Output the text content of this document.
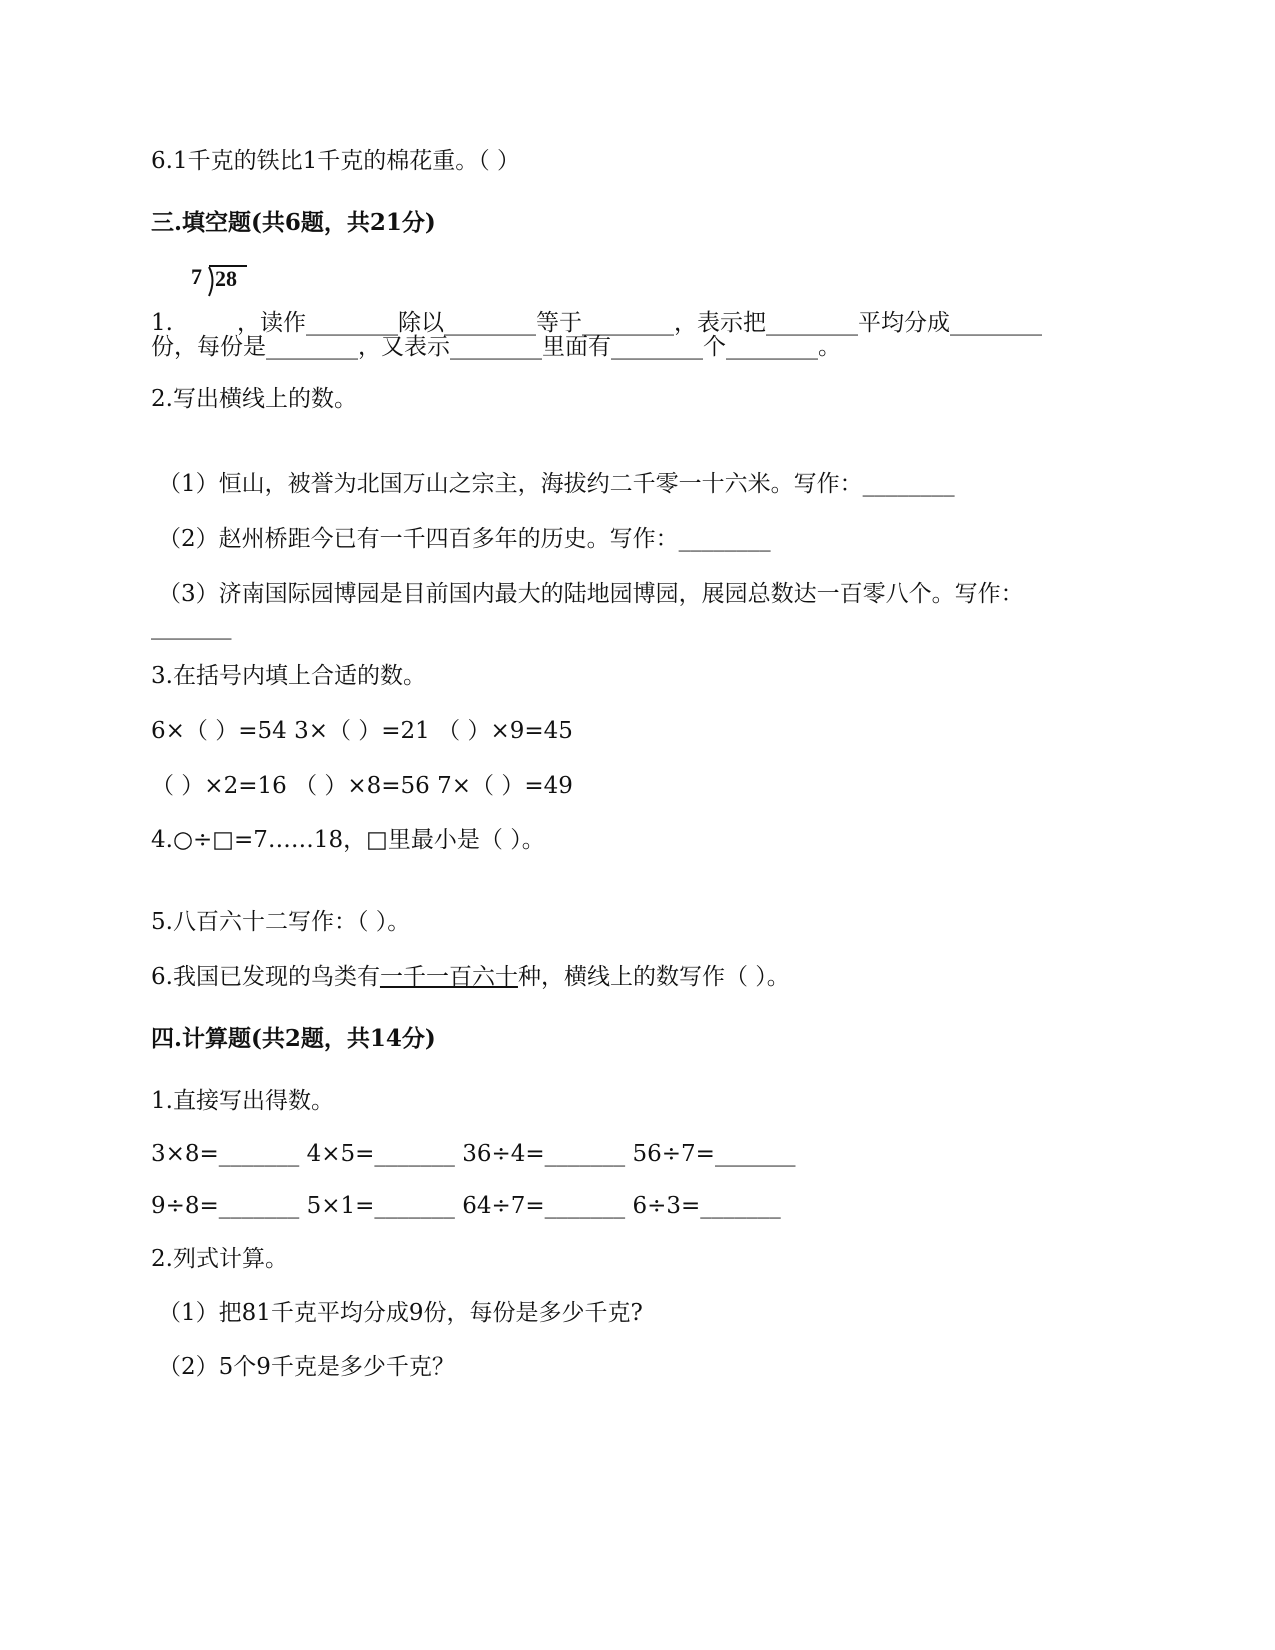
6.1千克的铁比1千克的棉花重。（ ）
三.填空题(共6题，共21分)
1.
7 28
，读作________除以________等于________，表示把________平均分成________
份，每份是________，又表示________里面有________个________。
2.写出横线上的数。
（1）恒山，被誉为北国万山之宗主，海拔约二千零一十六米。写作：________
（2）赵州桥距今已有一千四百多年的历史。写作：________
（3）济南国际园博园是目前国内最大的陆地园博园，展园总数达一百零八个。写作：
_______
3.在括号内填上合适的数。
6×（ ）=54 3×（ ）=21 （ ）×9=45
（ ）×2=16 （ ）×8=56 7×（ ）=49
4.○÷□=7……18，□里最小是（ ）。
5.八百六十二写作：（ ）。
6.我国已发现的鸟类有一千一百六十种，横线上的数写作（ ）。
四.计算题(共2题，共14分)
1.直接写出得数。
3×8=_______ 4×5=_______ 36÷4=_______ 56÷7=_______
9÷8=_______ 5×1=_______ 64÷7=_______ 6÷3=_______
2.列式计算。
（1）把81千克平均分成9份，每份是多少千克?
（2）5个9千克是多少千克？
